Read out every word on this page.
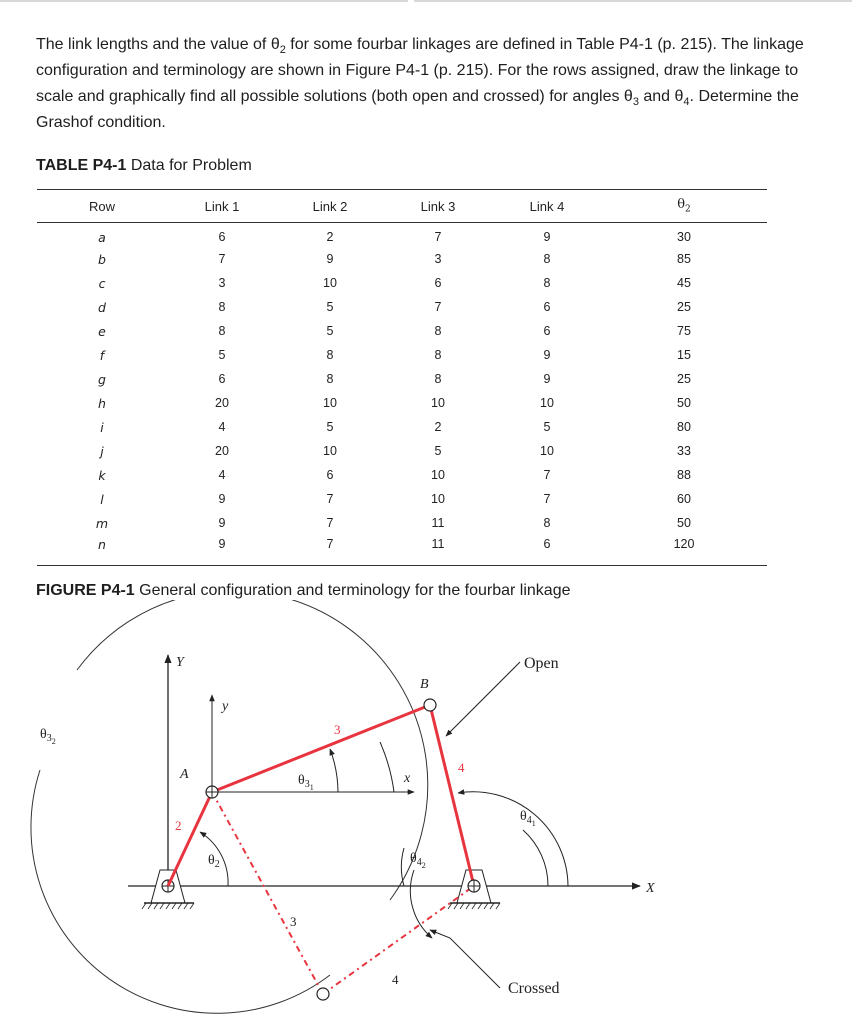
The link lengths and the value of $\theta_2$ for some fourbar linkages are defined in Table P4-1 (p. 215). The linkage configuration and terminology are shown in Figure P4-1 (p. 215). For the rows assigned, draw the linkage to scale and graphically find all possible solutions (both open and crossed) for angles $\theta_3$ and $\theta_4$. Determine the Grashof condition.

TABLE P4-1 Data for Problem

Row	Link 1	Link 2	Link 3	Link 4	$\theta_2$
a	6	2	7	9	30
b	7	9	3	8	85
c	3	10	6	8	45
d	8	5	7	6	25
e	8	5	8	6	75
f	5	8	8	9	15
g	6	8	8	9	25
h	20	10	10	10	50
i	4	5	2	5	80
j	20	10	5	10	33
k	4	6	10	7	88
l	9	7	10	7	60
m	9	7	11	8	50
n	9	7	11	6	120

FIGURE P4-1 General configuration and terminology for the fourbar linkage

Y
y
x
X
A
B
2
3
4
3
4
Open
Crossed
$\theta_{32}$
$\theta_{31}$
$\theta_2$	$\theta_{42}$
$\theta_{41}$
